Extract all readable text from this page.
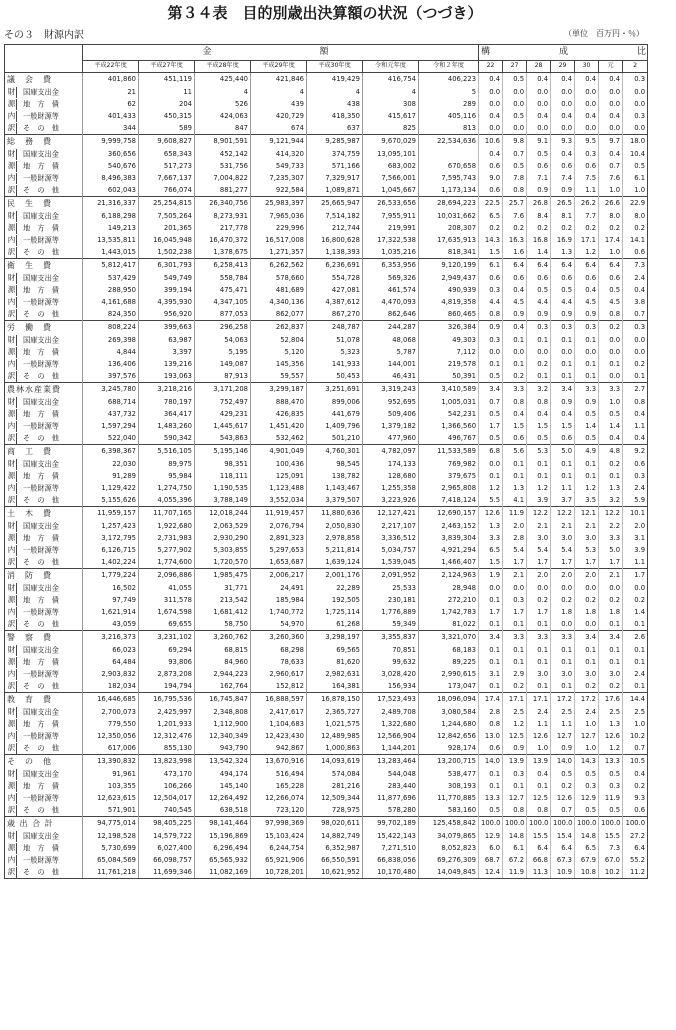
第３４表　目的別歳出決算額の状況（つづき）
その３　財源内訳	（単位　百万円・％）
	金　　額							構　成　比						
	平成22年度	平成27年度	平成28年度	平成29年度	平成30年度	令和元年度	令和２年度	22	27	28	29	30	元	2
議　会　費	401,860	451,119	425,440	421,846	419,429	416,754	406,223	0.4	0.5	0.4	0.4	0.4	0.4	0.3
財 国庫支出金	21	11	4	4	4	4	5	0.0	0.0	0.0	0.0	0.0	0.0	0.0
源 地　方　債	62	204	526	439	438	308	289	0.0	0.0	0.0	0.0	0.0	0.0	0.0
内 一般財源等	401,433	450,315	424,063	420,729	418,350	415,617	405,116	0.4	0.5	0.4	0.4	0.4	0.4	0.3
訳 そ　の　他	344	589	847	674	637	825	813	0.0	0.0	0.0	0.0	0.0	0.0	0.0
総　務　費	9,999,758	9,608,827	8,901,591	9,121,944	9,285,987	9,670,029	22,534,636	10.6	9.8	9.1	9.3	9.5	9.7	18.0
財 国庫支出金	360,656	658,343	452,142	414,320	374,759	13,095,101		0.4	0.7	0.5	0.4	0.3	0.4	10.4
源 地　方　債	540,676	517,273	531,756	549,733	571,166	683,002	670,658	0.6	0.5	0.6	0.6	0.6	0.7	0.5
内 一般財源等	8,496,383	7,667,137	7,004,822	7,235,307	7,329,917	7,566,001	7,595,743	9.0	7.8	7.1	7.4	7.5	7.6	6.1
訳 そ　の　他	602,043	766,074	881,277	922,584	1,089,871	1,045,667	1,173,134	0.6	0.8	0.9	0.9	1.1	1.0	1.0
民　生　費	21,316,337	25,254,815	26,340,756	25,983,397	25,665,947	26,533,656	28,694,223	22.5	25.7	26.8	26.5	26.2	26.6	22.9
財 国庫支出金	6,188,298	7,505,264	8,273,931	7,965,036	7,514,182	7,955,911	10,031,662	6.5	7.6	8.4	8.1	7.7	8.0	8.0
源 地　方　債	149,213	201,365	217,778	229,996	212,744	219,991	208,307	0.2	0.2	0.2	0.2	0.2	0.2	0.2
内 一般財源等	13,535,811	16,045,948	16,470,372	16,517,008	16,800,628	17,322,538	17,635,913	14.3	16.3	16.8	16.9	17.1	17.4	14.1
訳 そ　の　他	1,443,015	1,502,238	1,378,675	1,271,357	1,138,393	1,035,216	818,341	1.5	1.6	1.4	1.3	1.2	1.0	0.6
衛　生　費	5,812,417	6,301,793	6,258,413	6,262,562	6,236,691	6,353,956	9,120,199	6.1	6.4	6.4	6.4	6.4	6.4	7.3
財 国庫支出金	537,429	549,749	558,784	578,660	554,728	569,326	2,949,437	0.6	0.6	0.6	0.6	0.6	0.6	2.4
源 地　方　債	288,950	399,194	475,471	481,689	427,081	461,574	490,939	0.3	0.4	0.5	0.5	0.4	0.5	0.4
内 一般財源等	4,161,688	4,395,930	4,347,105	4,340,136	4,387,612	4,470,093	4,819,358	4.4	4.5	4.4	4.4	4.5	4.5	3.8
訳 そ　の　他	824,350	956,920	877,053	862,077	867,270	862,646	860,465	0.8	0.9	0.9	0.9	0.9	0.8	0.7
労　働　費	808,224	399,663	296,258	262,837	248,787	244,287	326,384	0.9	0.4	0.3	0.3	0.3	0.2	0.3
財 国庫支出金	269,398	63,987	54,063	52,804	51,078	48,068	49,303	0.3	0.1	0.1	0.1	0.1	0.0	0.0
源 地　方　債	4,844	3,397	5,195	5,120	5,323	5,787	7,112	0.0	0.0	0.0	0.0	0.0	0.0	0.0
内 一般財源等	136,406	139,216	149,087	145,356	141,933	144,001	219,578	0.1	0.1	0.2	0.1	0.1	0.1	0.2
訳 そ　の　他	397,576	193,063	87,913	59,557	50,453	46,431	50,391	0.5	0.2	0.1	0.1	0.1	0.0	0.1
農林水産業費	3,245,780	3,218,216	3,171,208	3,299,187	3,251,691	3,319,243	3,410,589	3.4	3.3	3.2	3.4	3.3	3.3	2.7
財 国庫支出金	688,714	780,197	752,497	888,470	899,006	952,695	1,005,031	0.7	0.8	0.8	0.9	0.9	1.0	0.8
源 地　方　債	437,732	364,417	429,231	426,835	441,679	509,406	542,231	0.5	0.4	0.4	0.4	0.5	0.5	0.4
内 一般財源等	1,597,294	1,483,260	1,445,617	1,451,420	1,409,796	1,379,182	1,366,560	1.7	1.5	1.5	1.5	1.4	1.4	1.1
訳 そ　の　他	522,040	590,342	543,863	532,462	501,210	477,960	496,767	0.5	0.6	0.5	0.6	0.5	0.4	0.4
商　工　費	6,398,367	5,516,105	5,195,146	4,901,049	4,760,301	4,782,097	11,533,589	6.8	5.6	5.3	5.0	4.9	4.8	9.2
財 国庫支出金	22,030	89,975	98,351	100,436	98,545	174,133	769,982	0.0	0.1	0.1	0.1	0.1	0.2	0.6
源 地　方　債	91,289	95,984	118,111	125,091	138,782	128,680	379,675	0.1	0.1	0.1	0.1	0.1	0.1	0.3
内 一般財源等	1,129,422	1,274,750	1,190,535	1,123,488	1,143,467	1,255,358	2,965,808	1.2	1.3	1.2	1.1	1.2	1.3	2.4
訳 そ　の　他	5,155,626	4,055,396	3,788,149	3,552,034	3,379,507	3,223,926	7,418,124	5.5	4.1	3.9	3.7	3.5	3.2	5.9
土　木　費	11,959,157	11,707,165	12,018,244	11,919,457	11,880,636	12,127,421	12,690,157	12.6	11.9	12.2	12.2	12.1	12.2	10.1
財 国庫支出金	1,257,423	1,922,680	2,063,529	2,076,794	2,050,830	2,217,107	2,463,152	1.3	2.0	2.1	2.1	2.1	2.2	2.0
源 地　方　債	3,172,795	2,731,983	2,930,290	2,891,323	2,978,858	3,336,512	3,839,304	3.3	2.8	3.0	3.0	3.0	3.3	3.1
内 一般財源等	6,126,715	5,277,902	5,303,855	5,297,653	5,211,814	5,034,757	4,921,294	6.5	5.4	5.4	5.4	5.3	5.0	3.9
訳 そ　の　他	1,402,224	1,774,600	1,720,570	1,653,687	1,639,124	1,539,045	1,466,407	1.5	1.7	1.7	1.7	1.7	1.7	1.1
消　防　費	1,779,224	2,096,886	1,985,475	2,006,217	2,001,176	2,091,952	2,124,963	1.9	2.1	2.0	2.0	2.0	2.1	1.7
財 国庫支出金	16,502	41,055	31,771	24,491	22,289	25,533	28,948	0.0	0.0	0.0	0.0	0.0	0.0	0.0
源 地　方　債	97,749	311,578	213,542	185,984	192,505	230,181	272,210	0.1	0.3	0.2	0.2	0.2	0.2	0.2
内 一般財源等	1,621,914	1,674,598	1,681,412	1,740,772	1,725,114	1,776,889	1,742,783	1.7	1.7	1.7	1.8	1.8	1.8	1.4
訳 そ　の　他	43,059	69,655	58,750	54,970	61,268	59,349	81,022	0.1	0.1	0.1	0.0	0.0	0.1	0.1
警　察　費	3,216,373	3,231,102	3,260,762	3,260,360	3,298,197	3,355,837	3,321,070	3.4	3.3	3.3	3.3	3.4	3.4	2.6
財 国庫支出金	66,023	69,294	68,815	68,298	69,565	70,851	68,183	0.1	0.1	0.1	0.1	0.1	0.1	0.1
源 地　方　債	64,484	93,806	84,960	78,633	81,620	99,632	89,225	0.1	0.1	0.1	0.1	0.1	0.1	0.1
内 一般財源等	2,903,832	2,873,208	2,944,223	2,960,617	2,982,631	3,028,420	2,990,615	3.1	2.9	3.0	3.0	3.0	3.0	2.4
訳 そ　の　他	182,034	194,794	162,764	152,812	164,381	156,934	173,047	0.1	0.2	0.1	0.1	0.2	0.2	0.1
教　育　費	16,446,685	16,795,536	16,745,847	16,888,597	16,878,150	17,523,493	18,096,094	17.4	17.1	17.1	17.2	17.2	17.6	14.4
財 国庫支出金	2,700,073	2,425,997	2,348,808	2,417,617	2,365,727	2,489,708	3,080,584	2.8	2.5	2.4	2.5	2.4	2.5	2.5
源 地　方　債	779,550	1,201,933	1,112,900	1,104,683	1,021,575	1,322,680	1,244,680	0.8	1.2	1.1	1.1	1.0	1.3	1.0
内 一般財源等	12,350,056	12,312,476	12,340,349	12,423,430	12,489,985	12,566,904	12,842,656	13.0	12.5	12.6	12.7	12.7	12.6	10.2
訳 そ　の　他	617,006	855,130	943,790	942,867	1,000,863	1,144,201	928,174	0.6	0.9	1.0	0.9	1.0	1.2	0.7
そ　の　他	13,390,832	13,823,998	13,542,324	13,670,916	14,093,619	13,283,464	13,200,715	14.0	13.9	13.9	14.0	14.3	13.3	10.5
財 国庫支出金	91,961	473,170	494,174	516,494	574,084	544,048	538,477	0.1	0.3	0.4	0.5	0.5	0.5	0.4
源 地　方　債	103,355	106,266	145,140	165,228	281,216	283,440	308,193	0.1	0.1	0.1	0.2	0.3	0.3	0.2
内 一般財源等	12,623,615	12,504,017	12,264,492	12,266,074	12,509,344	11,877,696	11,770,885	13.3	12.7	12.5	12.6	12.9	11.9	9.3
訳 そ　の　他	571,901	740,545	638,518	723,120	728,975	578,280	583,160	0.5	0.8	0.8	0.7	0.5	0.5	0.6
歳 出 合 計	94,775,014	98,405,225	98,141,464	97,998,369	98,020,611	99,702,189	125,458,842	100.0	100.0	100.0	100.0	100.0	100.0	100.0
財 国庫支出金	12,198,528	14,579,722	15,196,869	15,103,424	14,882,749	15,422,143	34,079,865	12.9	14.8	15.5	15.4	14.8	15.5	27.2
源 地　方　債	5,730,699	6,027,400	6,296,494	6,244,754	6,352,987	7,271,510	8,052,823	6.0	6.1	6.4	6.4	6.5	7.3	6.4
内 一般財源等	65,084,569	66,098,757	65,565,932	65,921,906	66,550,591	66,838,056	69,276,309	68.7	67.2	66.8	67.3	67.9	67.0	55.2
訳 そ　の　他	11,761,218	11,699,346	11,082,169	10,728,201	10,621,952	10,170,480	14,049,845	12.4	11.9	11.3	10.9	10.8	10.2	11.2
